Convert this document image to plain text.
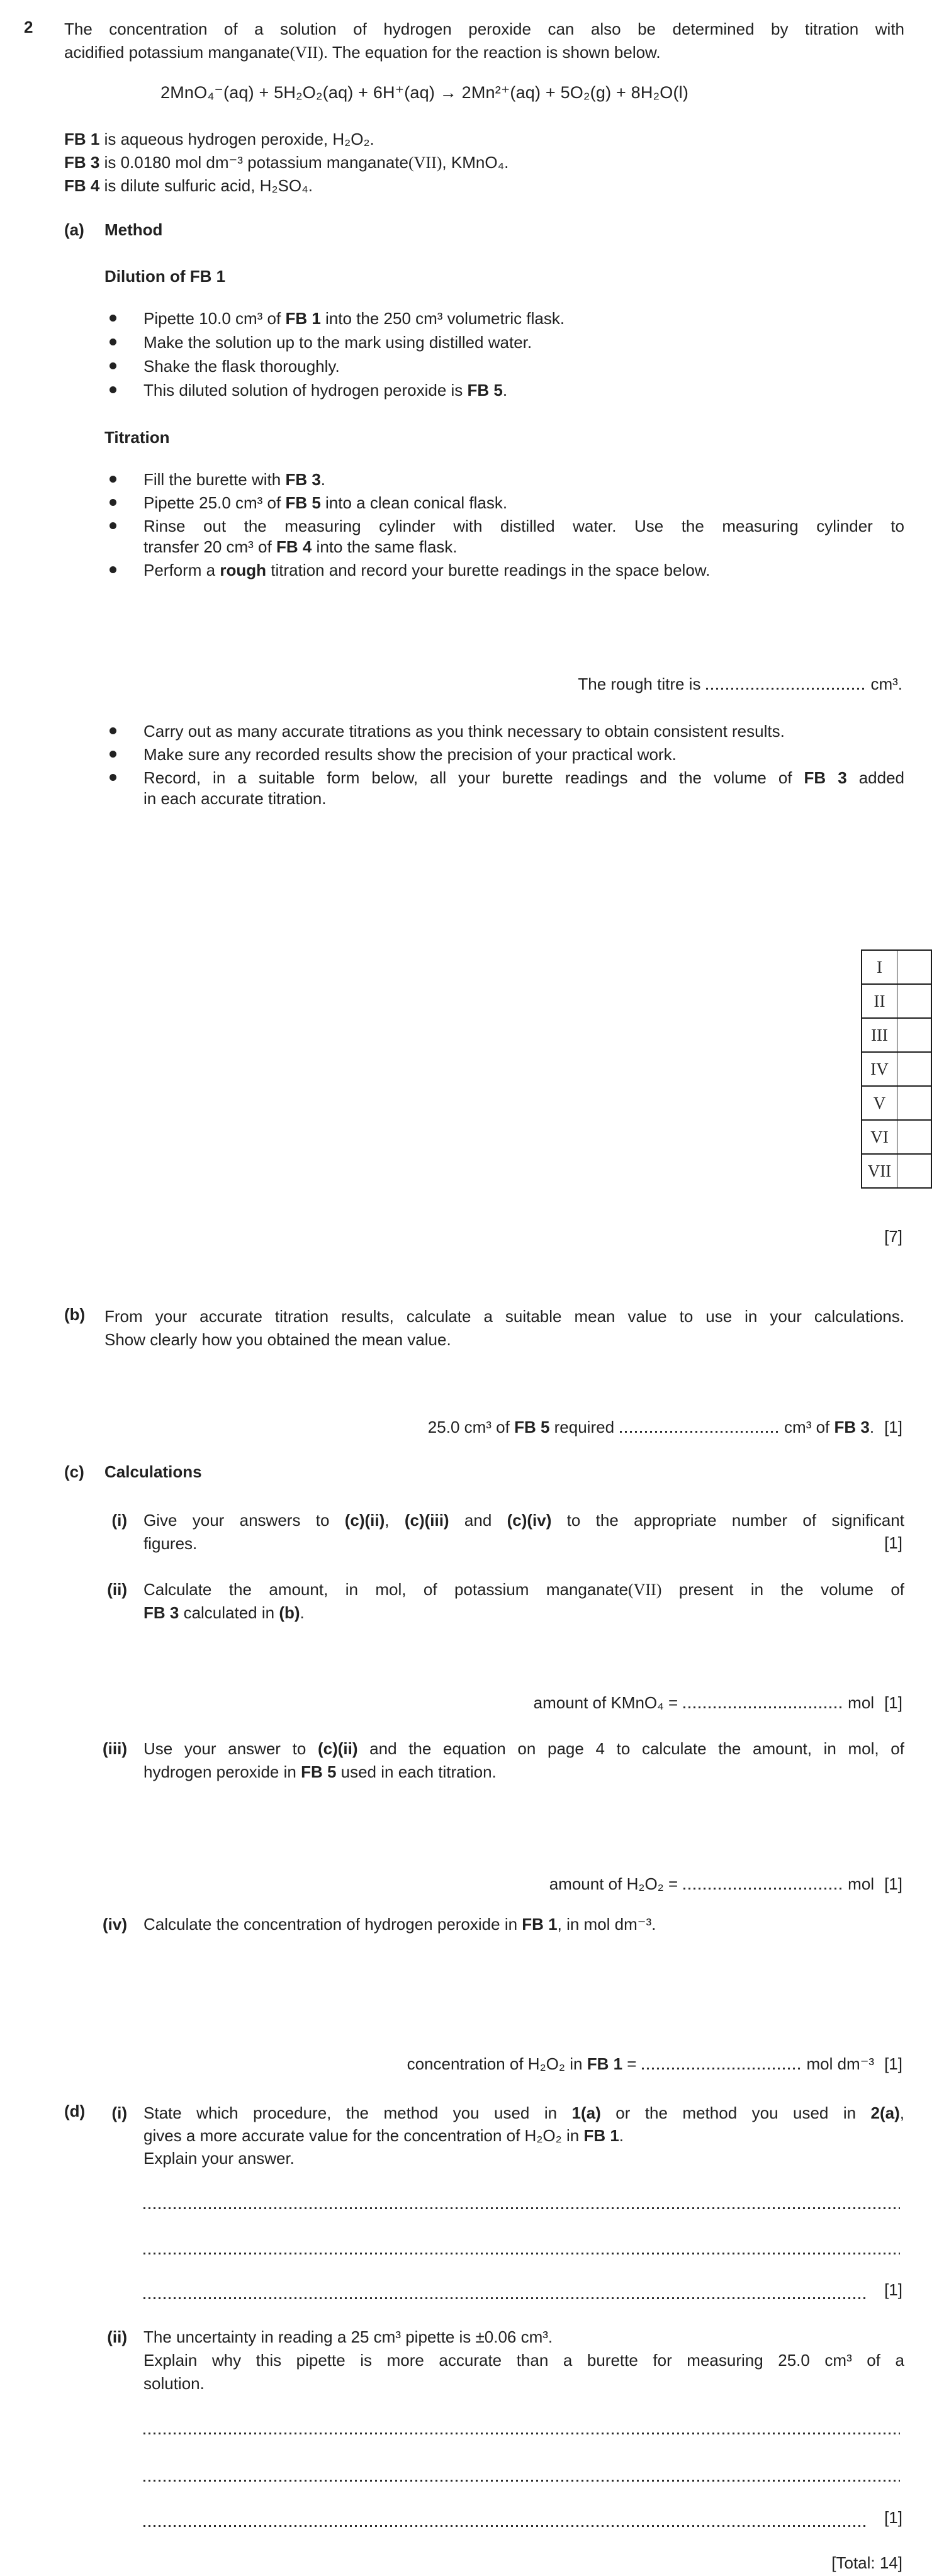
2 The concentration of a solution of hydrogen peroxide can also be determined by titration with
acidified potassium manganate(VII). The equation for the reaction is shown below.
2MnO₄⁻(aq) + 5H₂O₂(aq) + 6H⁺(aq) → 2Mn²⁺(aq) + 5O₂(g) + 8H₂O(l)
FB 1 is aqueous hydrogen peroxide, H₂O₂.
FB 3 is 0.0180 mol dm⁻³ potassium manganate(VII), KMnO₄.
FB 4 is dilute sulfuric acid, H₂SO₄.
(a) Method
Dilution of FB 1
Pipette 10.0 cm³ of FB 1 into the 250 cm³ volumetric flask.
Make the solution up to the mark using distilled water.
Shake the flask thoroughly.
This diluted solution of hydrogen peroxide is FB 5.
Titration
Fill the burette with FB 3.
Pipette 25.0 cm³ of FB 5 into a clean conical flask.
Rinse out the measuring cylinder with distilled water. Use the measuring cylinder to
transfer 20 cm³ of FB 4 into the same flask.
Perform a rough titration and record your burette readings in the space below.
The rough titre is	cm³.
Carry out as many accurate titrations as you think necessary to obtain consistent results.
Make sure any recorded results show the precision of your practical work.
Record, in a suitable form below, all your burette readings and the volume of FB 3 added
in each accurate titration.
I	
II	
III	
IV	
V	
VI	
VII	
[7]
(b) From your accurate titration results, calculate a suitable mean value to use in your calculations.
Show clearly how you obtained the mean value.
25.0 cm³ of FB 5 required	cm³ of FB 3. [1]
(c) Calculations
(i) Give your answers to (c)(ii), (c)(iii) and (c)(iv) to the appropriate number of significant
figures.	[1]
(ii) Calculate the amount, in mol, of potassium manganate(VII) present in the volume of
FB 3 calculated in (b).
amount of KMnO₄ =	mol [1]
(iii) Use your answer to (c)(ii) and the equation on page 4 to calculate the amount, in mol, of
hydrogen peroxide in FB 5 used in each titration.
amount of H₂O₂ =	mol [1]
(iv) Calculate the concentration of hydrogen peroxide in FB 1, in mol dm⁻³.
concentration of H₂O₂ in FB 1 =	mol dm⁻³ [1]
(d)	(i) State which procedure, the method you used in 1(a) or the method you used in 2(a),
gives a more accurate value for the concentration of H₂O₂ in FB 1.
Explain your answer.
[1]
(ii) The uncertainty in reading a 25 cm³ pipette is ±0.06 cm³.
Explain why this pipette is more accurate than a burette for measuring 25.0 cm³ of a
solution.
[1]
[Total: 14]
